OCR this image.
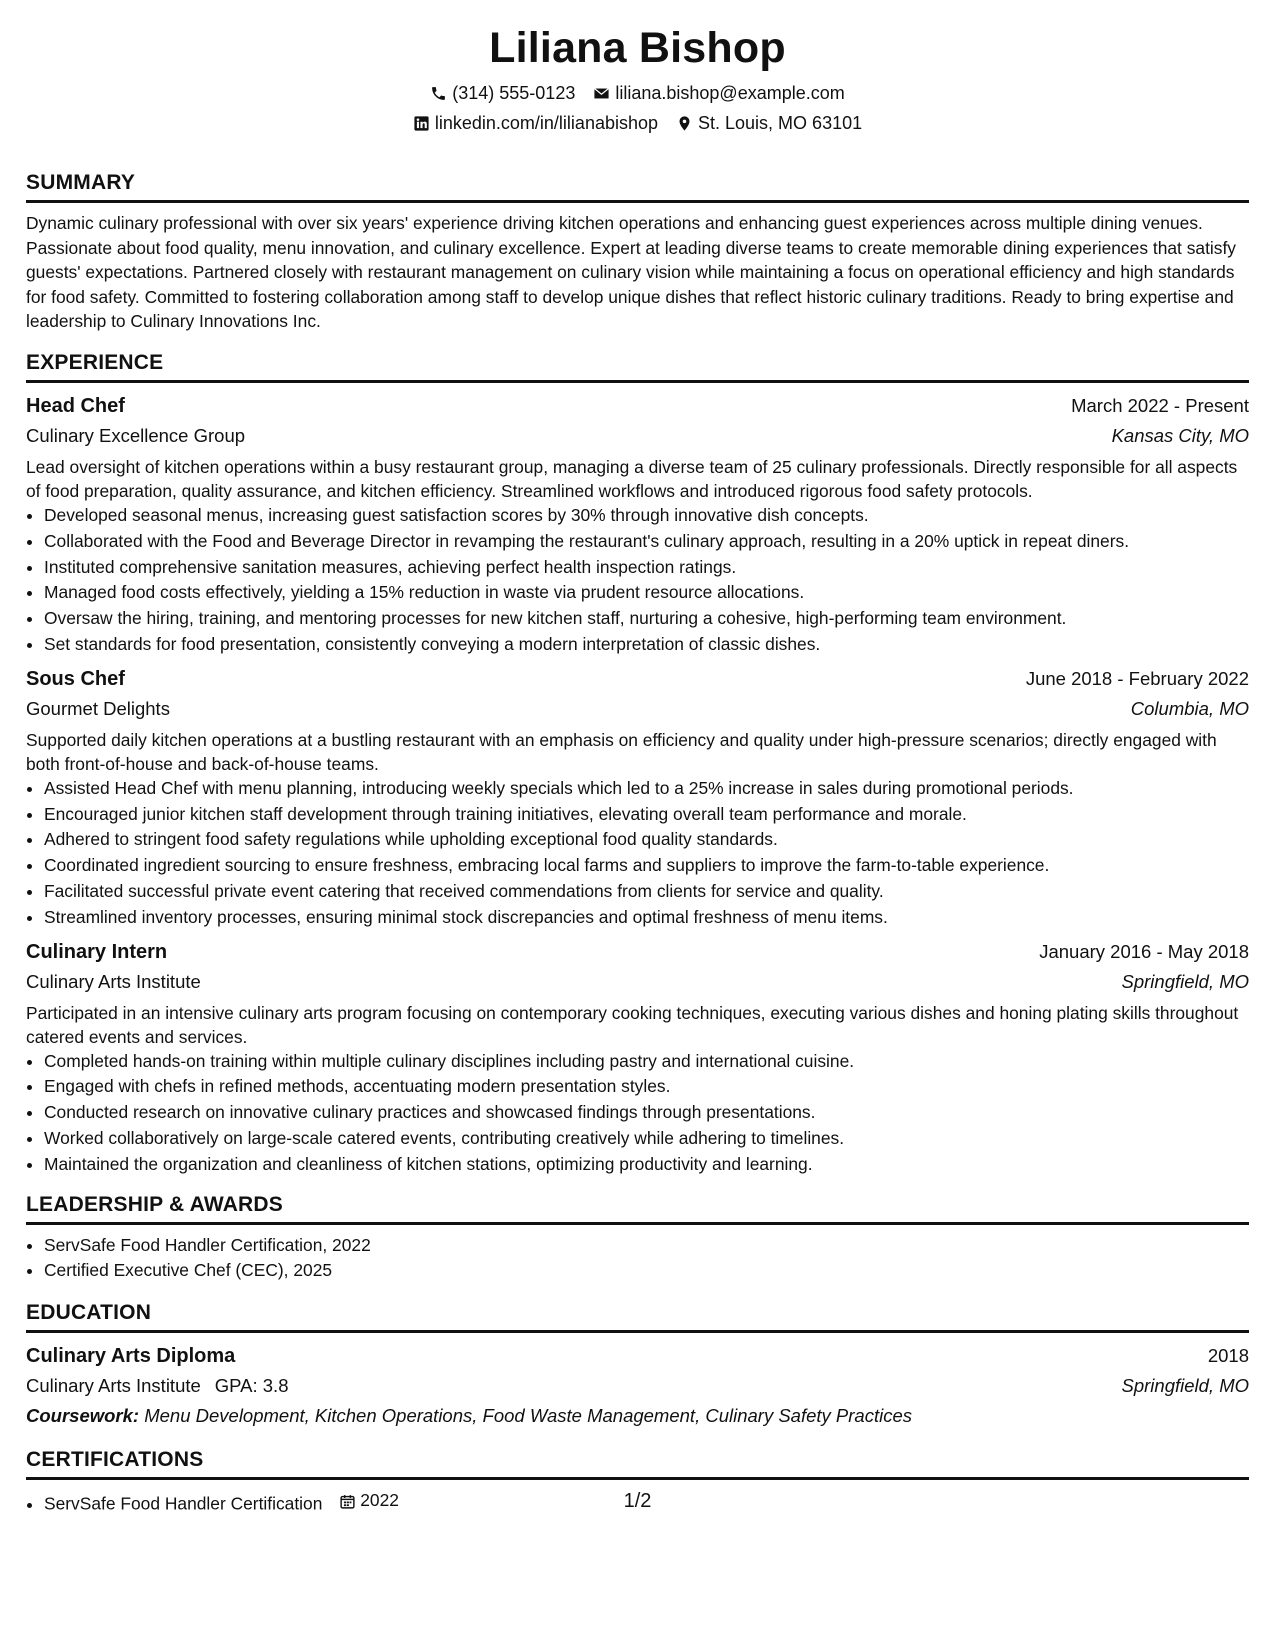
Liliana Bishop
(314) 555-0123 liliana.bishop@example.com
linkedin.com/in/lilianabishop St. Louis, MO 63101
SUMMARY

Dynamic culinary professional with over six years' experience driving kitchen operations and enhancing guest experiences across multiple dining venues. Passionate about food quality, menu innovation, and culinary excellence. Expert at leading diverse teams to create memorable dining experiences that satisfy guests' expectations. Partnered closely with restaurant management on culinary vision while maintaining a focus on operational efficiency and high standards for food safety. Committed to fostering collaboration among staff to develop unique dishes that reflect historic culinary traditions. Ready to bring expertise and leadership to Culinary Innovations Inc.

EXPERIENCE
Head Chef	March 2022 - Present
Culinary Excellence Group	Kansas City, MO

Lead oversight of kitchen operations within a busy restaurant group, managing a diverse team of 25 culinary professionals. Directly responsible for all aspects of food preparation, quality assurance, and kitchen efficiency. Streamlined workflows and introduced rigorous food safety protocols.

• Developed seasonal menus, increasing guest satisfaction scores by 30% through innovative dish concepts.
• Collaborated with the Food and Beverage Director in revamping the restaurant's culinary approach, resulting in a 20% uptick in repeat diners.
• Instituted comprehensive sanitation measures, achieving perfect health inspection ratings.
• Managed food costs effectively, yielding a 15% reduction in waste via prudent resource allocations.
• Oversaw the hiring, training, and mentoring processes for new kitchen staff, nurturing a cohesive, high-performing team environment.
• Set standards for food presentation, consistently conveying a modern interpretation of classic dishes.
Sous Chef	June 2018 - February 2022
Gourmet Delights	Columbia, MO

Supported daily kitchen operations at a bustling restaurant with an emphasis on efficiency and quality under high-pressure scenarios; directly engaged with both front-of-house and back-of-house teams.

• Assisted Head Chef with menu planning, introducing weekly specials which led to a 25% increase in sales during promotional periods.
• Encouraged junior kitchen staff development through training initiatives, elevating overall team performance and morale.
• Adhered to stringent food safety regulations while upholding exceptional food quality standards.
• Coordinated ingredient sourcing to ensure freshness, embracing local farms and suppliers to improve the farm-to-table experience.
• Facilitated successful private event catering that received commendations from clients for service and quality.
• Streamlined inventory processes, ensuring minimal stock discrepancies and optimal freshness of menu items.
Culinary Intern	January 2016 - May 2018
Culinary Arts Institute	Springfield, MO

Participated in an intensive culinary arts program focusing on contemporary cooking techniques, executing various dishes and honing plating skills throughout catered events and services.

• Completed hands-on training within multiple culinary disciplines including pastry and international cuisine.
• Engaged with chefs in refined methods, accentuating modern presentation styles.
• Conducted research on innovative culinary practices and showcased findings through presentations.
• Worked collaboratively on large-scale catered events, contributing creatively while adhering to timelines.
• Maintained the organization and cleanliness of kitchen stations, optimizing productivity and learning.
LEADERSHIP & AWARDS
• ServSafe Food Handler Certification, 2022
• Certified Executive Chef (CEC), 2025
EDUCATION
Culinary Arts Diploma	2018
Culinary Arts Institute GPA: 3.8	Springfield, MO
Coursework: Menu Development, Kitchen Operations, Food Waste Management, Culinary Safety Practices
CERTIFICATIONS
• ServSafe Food Handler Certification 2022	1/2
